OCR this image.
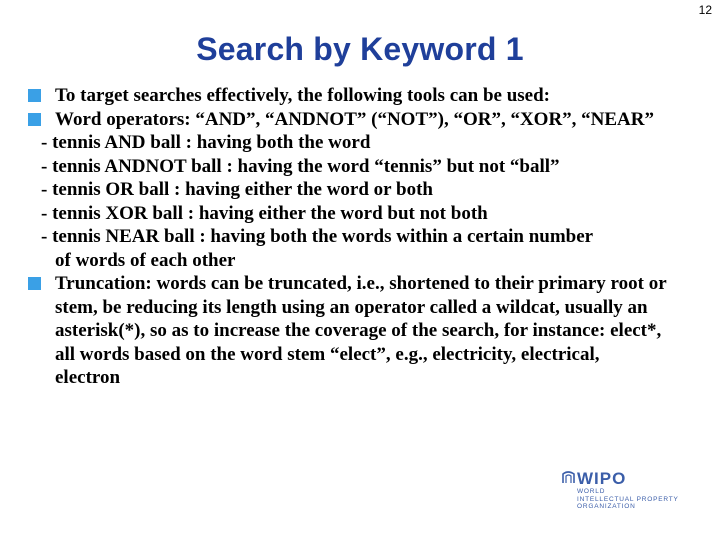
12
Search by Keyword 1
To target searches effectively, the following tools can be used:
Word operators: “AND”, “ANDNOT” (“NOT”), “OR”, “XOR”, “NEAR”
- tennis AND ball : having both the word
- tennis ANDNOT ball : having the word “tennis” but not “ball”
- tennis OR ball : having either the word or both
- tennis XOR ball : having either the word but not both
- tennis NEAR ball : having both the words within a certain number
of words of each other
Truncation: words can be truncated, i.e., shortened to their primary root or stem, be reducing its length using an operator called a wildcat, usually an asterisk(*), so as to increase the coverage of the search, for instance: elect*, all words based on the word stem “elect”, e.g., electricity, electrical, electron
WIPO
WORLD
INTELLECTUAL PROPERTY
ORGANIZATION
